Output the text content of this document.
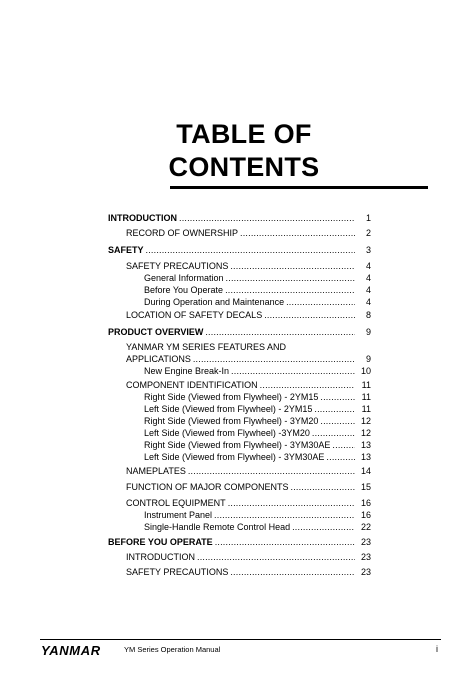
TABLE OF
CONTENTS
INTRODUCTION .....	1
RECORD OF OWNERSHIP .....	2
SAFETY .....	3
SAFETY PRECAUTIONS .....	4
General Information .....	4
Before You Operate .....	4
During Operation and Maintenance .....	4
LOCATION OF SAFETY DECALS .....	8
PRODUCT OVERVIEW .....	9
YANMAR YM SERIES FEATURES AND
APPLICATIONS .....	9
New Engine Break-In .....	10
COMPONENT IDENTIFICATION .....	11
Right Side (Viewed from Flywheel) - 2YM15 .....	11
Left Side (Viewed from Flywheel) - 2YM15 .....	11
Right Side (Viewed from Flywheel) - 3YM20 .....	12
Left Side (Viewed from Flywheel) -3YM20 .....	12
Right Side (Viewed from Flywheel) - 3YM30AE .....	13
Left Side (Viewed from Flywheel) - 3YM30AE .....	13
NAMEPLATES .....	14
FUNCTION OF MAJOR COMPONENTS .....	15
CONTROL EQUIPMENT .....	16
Instrument Panel .....	16
Single-Handle Remote Control Head .....	22
BEFORE YOU OPERATE .....	23
INTRODUCTION .....	23
SAFETY PRECAUTIONS .....	23
YANMAR	YM Series Operation Manual	i
